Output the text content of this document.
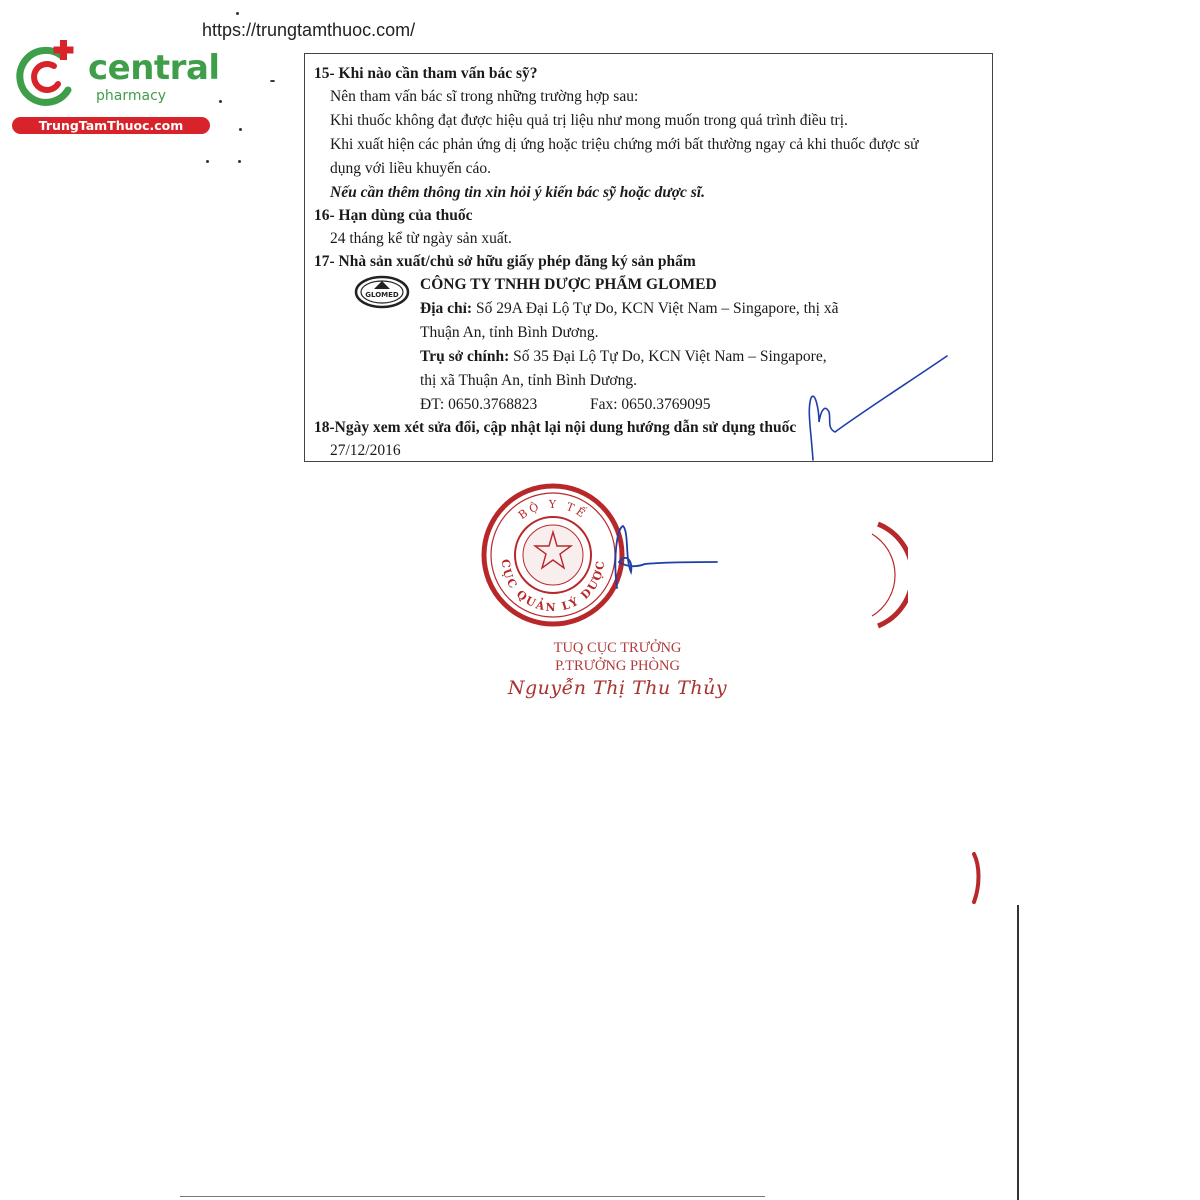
https://trungtamthuoc.com/

central

pharmacy
TrungTamThuoc.com
15- Khi nào cần tham vấn bác sỹ?
Nên tham vấn bác sĩ trong những trường hợp sau:
Khi thuốc không đạt được hiệu quả trị liệu như mong muốn trong quá trình điều trị.
Khi xuất hiện các phản ứng dị ứng hoặc triệu chứng mới bất thường ngay cả khi thuốc được sử
dụng với liều khuyến cáo.
Nếu cần thêm thông tin xin hỏi ý kiến bác sỹ hoặc dược sĩ.
16- Hạn dùng của thuốc
24 tháng kể từ ngày sản xuất.
17- Nhà sản xuất/chủ sở hữu giấy phép đăng ký sản phẩm
GLOMED
CÔNG TY TNHH DƯỢC PHẨM GLOMED
Địa chỉ: Số 29A Đại Lộ Tự Do, KCN Việt Nam – Singapore, thị xã
Thuận An, tỉnh Bình Dương.
Trụ sở chính: Số 35 Đại Lộ Tự Do, KCN Việt Nam – Singapore,
thị xã Thuận An, tỉnh Bình Dương.
ĐT: 0650.3768823	Fax: 0650.3769095
18-Ngày xem xét sửa đổi, cập nhật lại nội dung hướng dẫn sử dụng thuốc
27/12/2016
BỘ Y TẾ
CỤC QUẢN LÝ DƯỢC
TUQ CỤC TRƯỞNG
P.TRƯỞNG PHÒNG
Nguyễn Thị Thu Thủy
